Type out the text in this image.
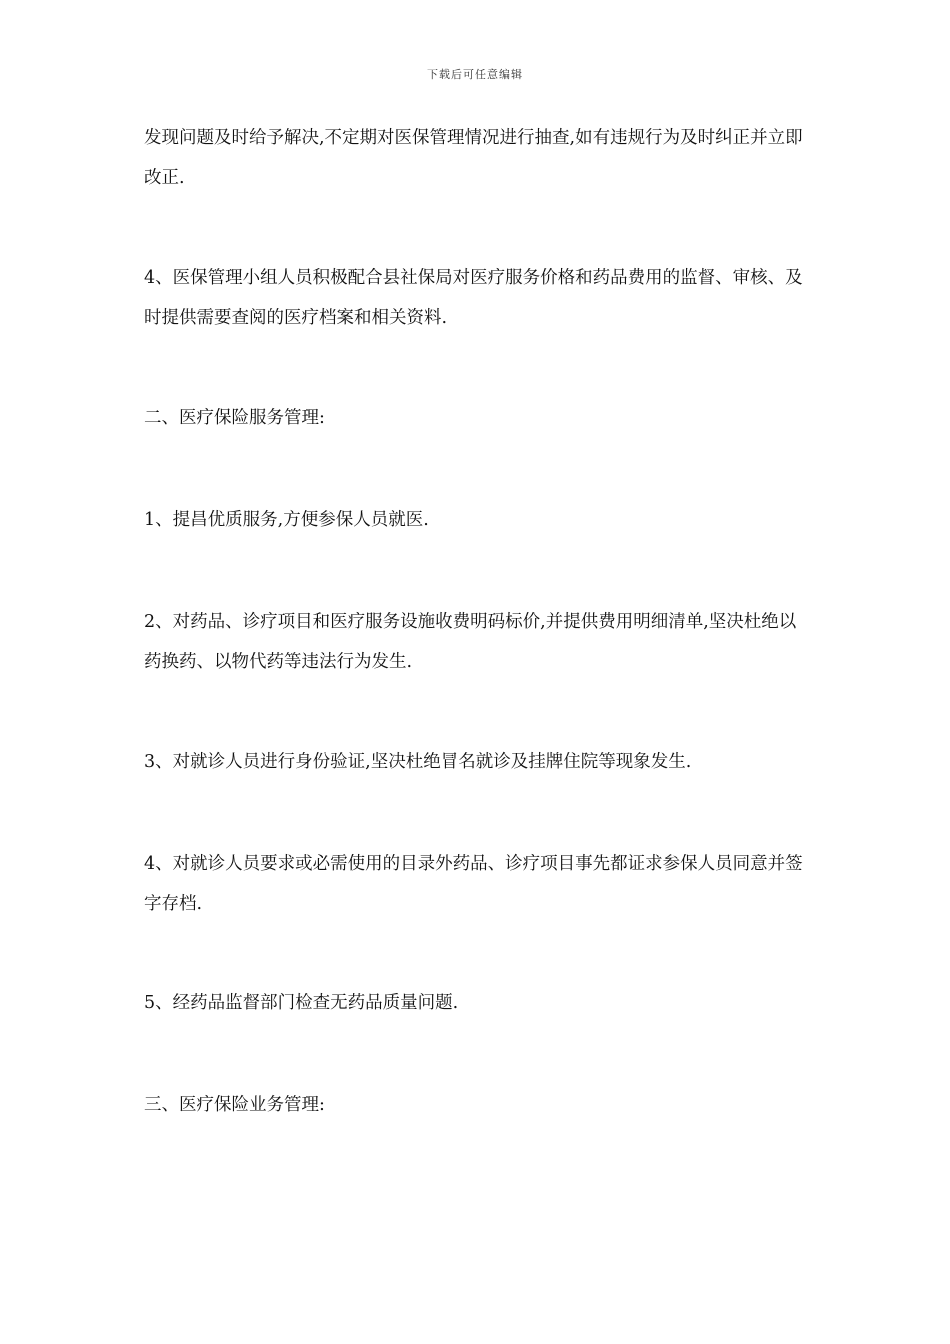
下载后可任意编辑
发现问题及时给予解决,不定期对医保管理情况进行抽查,如有违规行为及时纠正并立即改正.
4、医保管理小组人员积极配合县社保局对医疗服务价格和药品费用的监督、审核、及时提供需要查阅的医疗档案和相关资料.
二、医疗保险服务管理:
1、提昌优质服务,方便参保人员就医.
2、对药品、诊疗项目和医疗服务设施收费明码标价,并提供费用明细清单,坚决杜绝以药换药、以物代药等违法行为发生.
3、对就诊人员进行身份验证,坚决杜绝冒名就诊及挂牌住院等现象发生.
4、对就诊人员要求或必需使用的目录外药品、诊疗项目事先都证求参保人员同意并签字存档.
5、经药品监督部门检查无药品质量问题.
三、医疗保险业务管理:
